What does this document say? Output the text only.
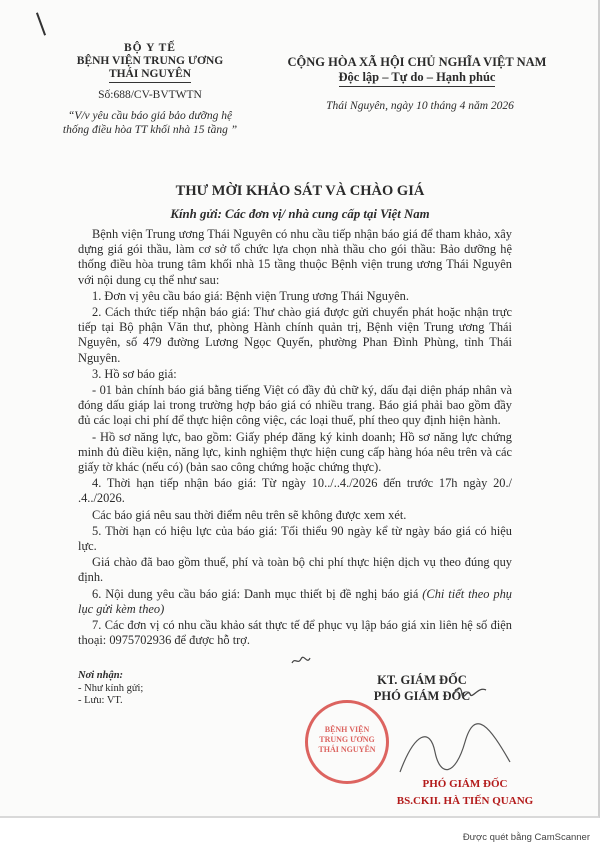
BỘ Y TẾ
BỆNH VIỆN TRUNG ƯƠNG
THÁI NGUYÊN
Số:688/CV-BVTWTN
“V/v yêu cầu báo giá bảo dưỡng hệ
thống điều hòa TT khối nhà 15 tầng ”
CỘNG HÒA XÃ HỘI CHỦ NGHĨA VIỆT NAM
Độc lập – Tự do – Hạnh phúc
Thái Nguyên, ngày 10 tháng 4 năm 2026
THƯ MỜI KHẢO SÁT VÀ CHÀO GIÁ
Kính gửi: Các đơn vị/ nhà cung cấp tại Việt Nam

Bệnh viện Trung ương Thái Nguyên có nhu cầu tiếp nhận báo giá để tham khảo, xây dựng giá gói thầu, làm cơ sở tổ chức lựa chọn nhà thầu cho gói thầu: Bảo dưỡng hệ thống điều hòa trung tâm khối nhà 15 tầng thuộc Bệnh viện trung ương Thái Nguyên với nội dung cụ thể như sau:

1. Đơn vị yêu cầu báo giá: Bệnh viện Trung ương Thái Nguyên.

2. Cách thức tiếp nhận báo giá: Thư chào giá được gửi chuyển phát hoặc nhận trực tiếp tại Bộ phận Văn thư, phòng Hành chính quản trị, Bệnh viện Trung ương Thái Nguyên, số 479 đường Lương Ngọc Quyến, phường Phan Đình Phùng, tỉnh Thái Nguyên.

3. Hồ sơ báo giá:

- 01 bản chính báo giá bằng tiếng Việt có đầy đủ chữ ký, dấu đại diện pháp nhân và đóng dấu giáp lai trong trường hợp báo giá có nhiều trang. Báo giá phải bao gồm đầy đủ các loại chi phí để thực hiện công việc, các loại thuế, phí theo quy định hiện hành.

- Hồ sơ năng lực, bao gồm: Giấy phép đăng ký kinh doanh; Hồ sơ năng lực chứng minh đủ điều kiện, năng lực, kinh nghiệm thực hiện cung cấp hàng hóa nêu trên và các giấy tờ khác (nếu có) (bản sao công chứng hoặc chứng thực).

4. Thời hạn tiếp nhận báo giá: Từ ngày 10../..4./2026 đến trước 17h ngày 20./ .4../2026.

Các báo giá nêu sau thời điểm nêu trên sẽ không được xem xét.

5. Thời hạn có hiệu lực của báo giá: Tối thiểu 90 ngày kể từ ngày báo giá có hiệu lực.

Giá chào đã bao gồm thuế, phí và toàn bộ chi phí thực hiện dịch vụ theo đúng quy định.

6. Nội dung yêu cầu báo giá: Danh mục thiết bị đề nghị báo giá (Chi tiết theo phụ lục gửi kèm theo)

7. Các đơn vị có nhu cầu khảo sát thực tế để phục vụ lập báo giá xin liên hệ số điện thoại: 0975702936 để được hỗ trợ.

Nơi nhận:
- Như kính gửi;
- Lưu: VT.
KT. GIÁM ĐỐC
PHÓ GIÁM ĐỐC
BỆNH VIỆN TRUNG ƯƠNG THÁI NGUYÊN
PHÓ GIÁM ĐỐC
BS.CKII. HÀ TIẾN QUANG
Được quét bằng CamScanner
